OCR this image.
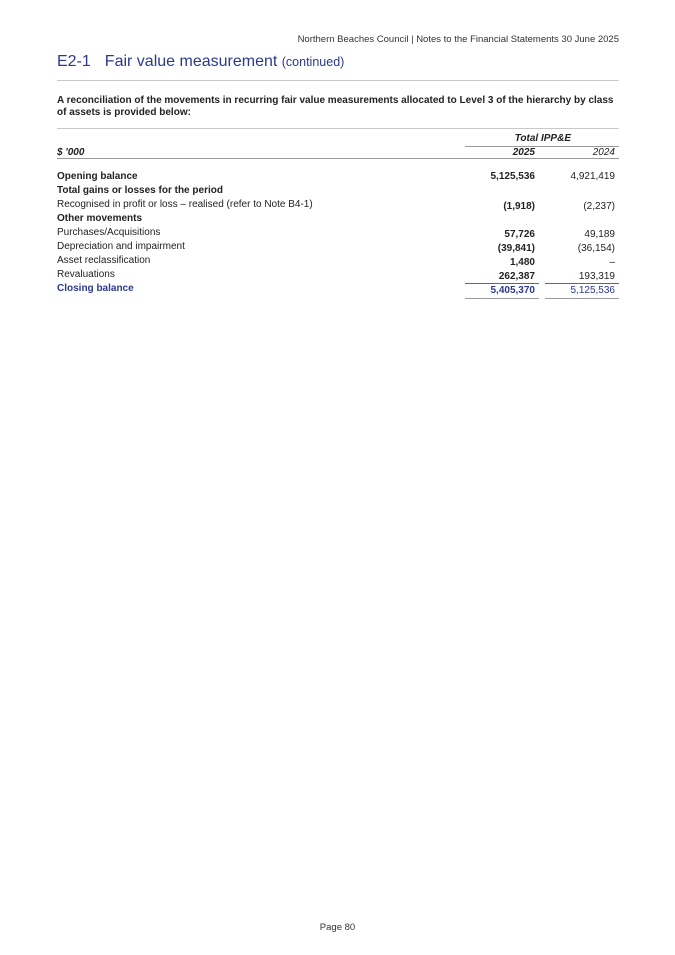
Northern Beaches Council | Notes to the Financial Statements 30 June 2025
E2-1 Fair value measurement (continued)
A reconciliation of the movements in recurring fair value measurements allocated to Level 3 of the hierarchy by class of assets is provided below:
Total IPP&E
$ '000	2025	2024
Opening balance	5,125,536	4,921,419
Total gains or losses for the period
Recognised in profit or loss – realised (refer to Note B4-1)	(1,918)	(2,237)
Other movements
Purchases/Acquisitions	57,726	49,189
Depreciation and impairment	(39,841)	(36,154)
Asset reclassification	1,480	–
Revaluations	262,387	193,319
Closing balance	5,405,370	5,125,536
Page 80
